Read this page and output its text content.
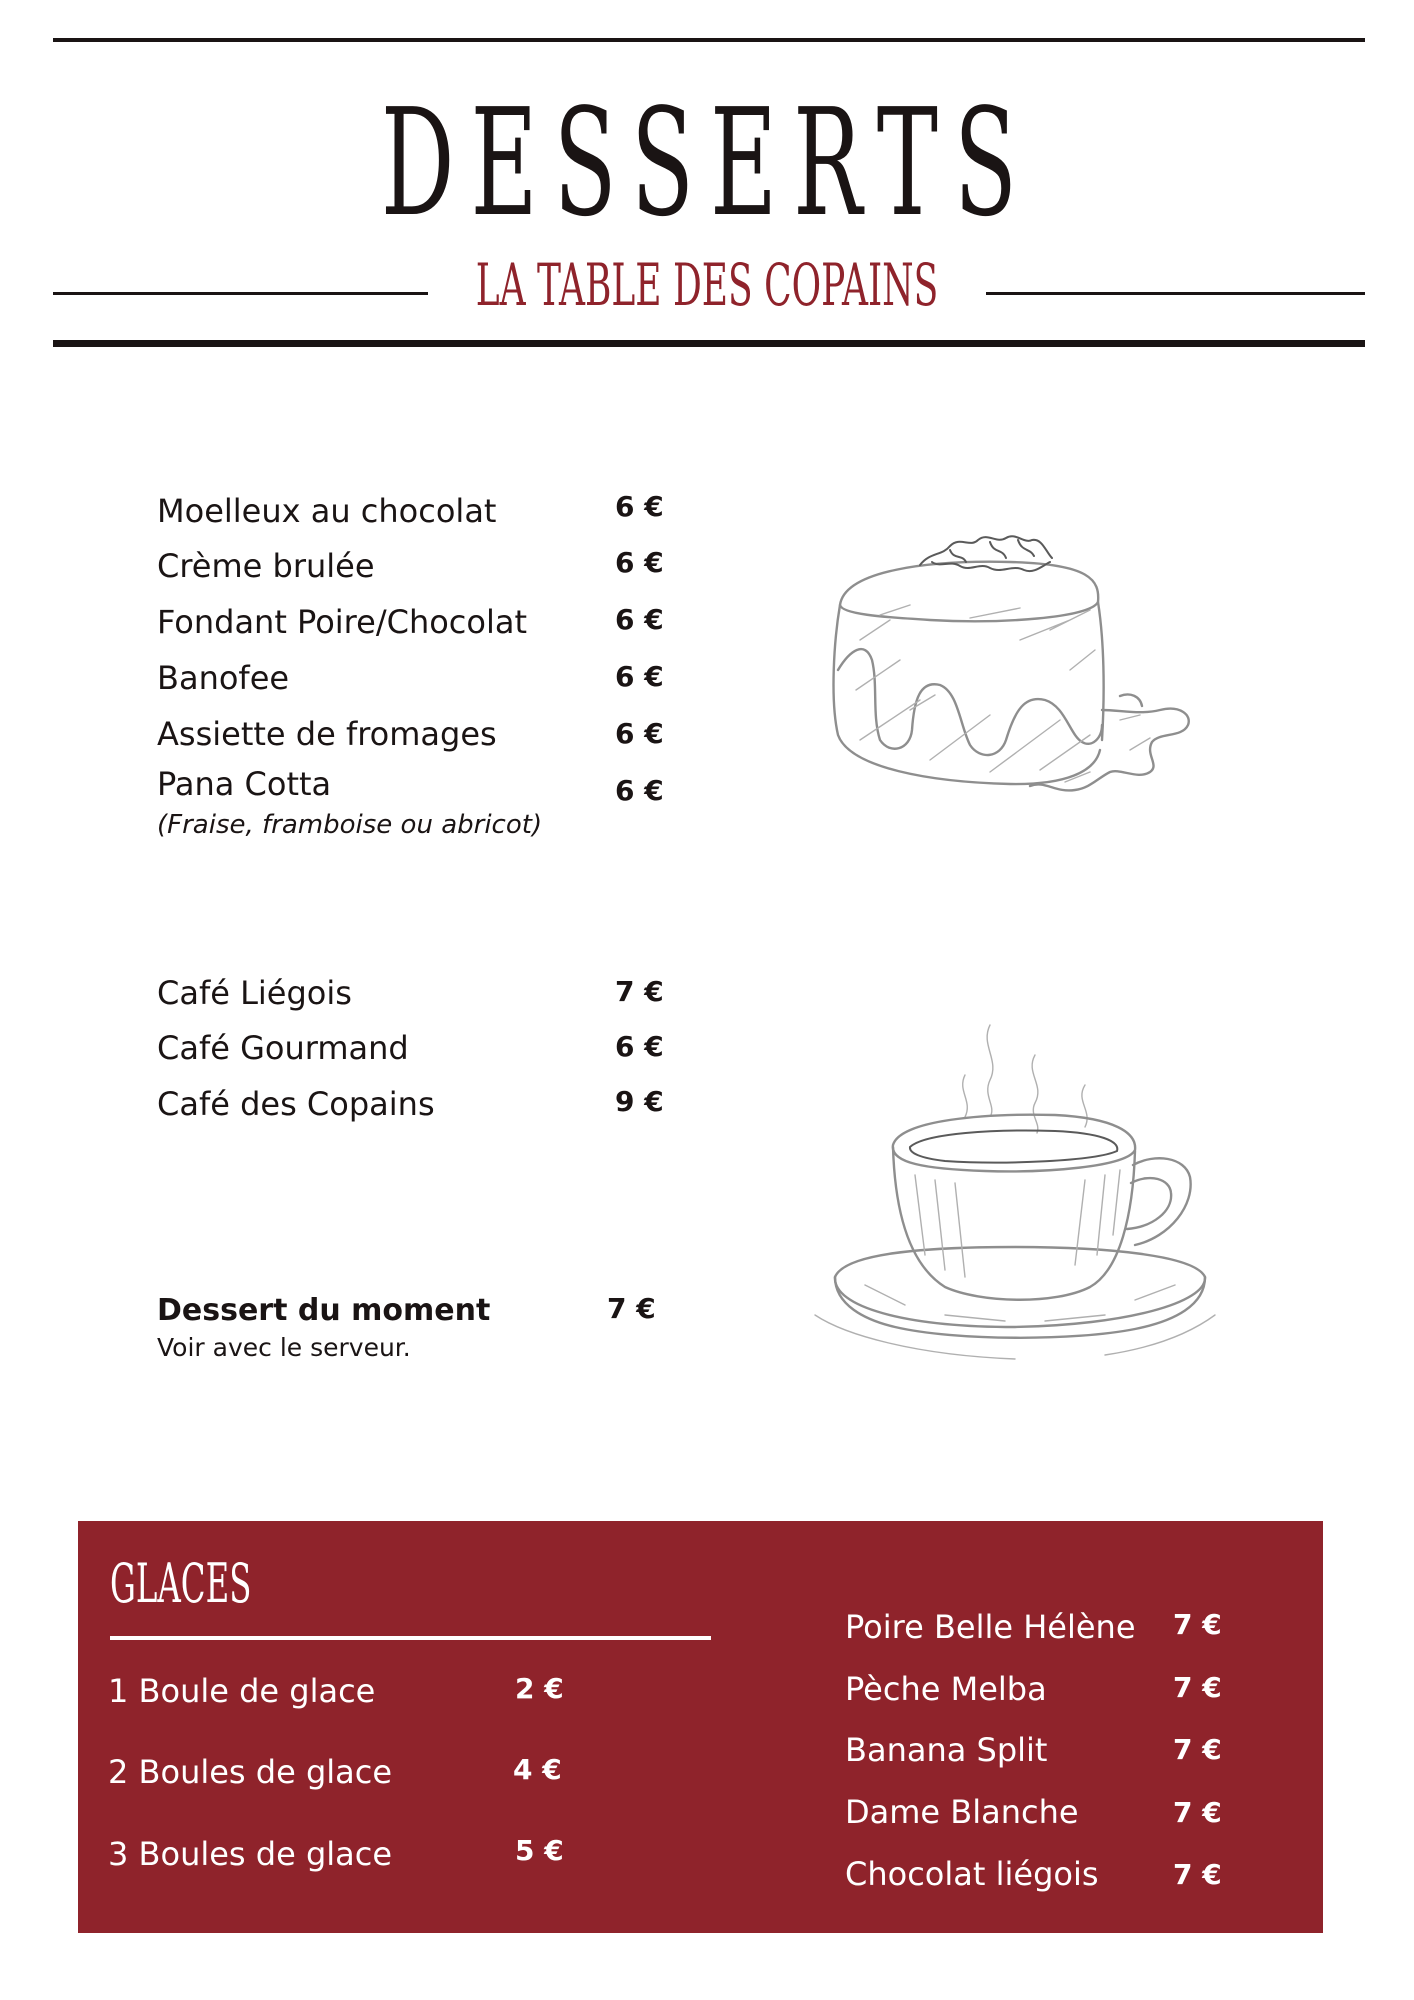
DESSERTS
LA TABLE DES COPAINS
Moelleux au chocolat	6 €
Crème brulée	6 €
Fondant Poire/Chocolat	6 €
Banofee	6 €
Assiette de fromages	6 €
Pana Cotta	6 €
(Fraise, framboise ou abricot)
Café Liégois	7 €
Café Gourmand	6 €
Café des Copains	9 €
Dessert du moment	7 €
Voir avec le serveur.
GLACES
1 Boule de glace	2 €
2 Boules de glace	4 €
3 Boules de glace	5 €
Poire Belle Hélène 7 €
Pèche Melba	7 €
Banana Split	7 €
Dame Blanche	7 €
Chocolat liégois	7 €
